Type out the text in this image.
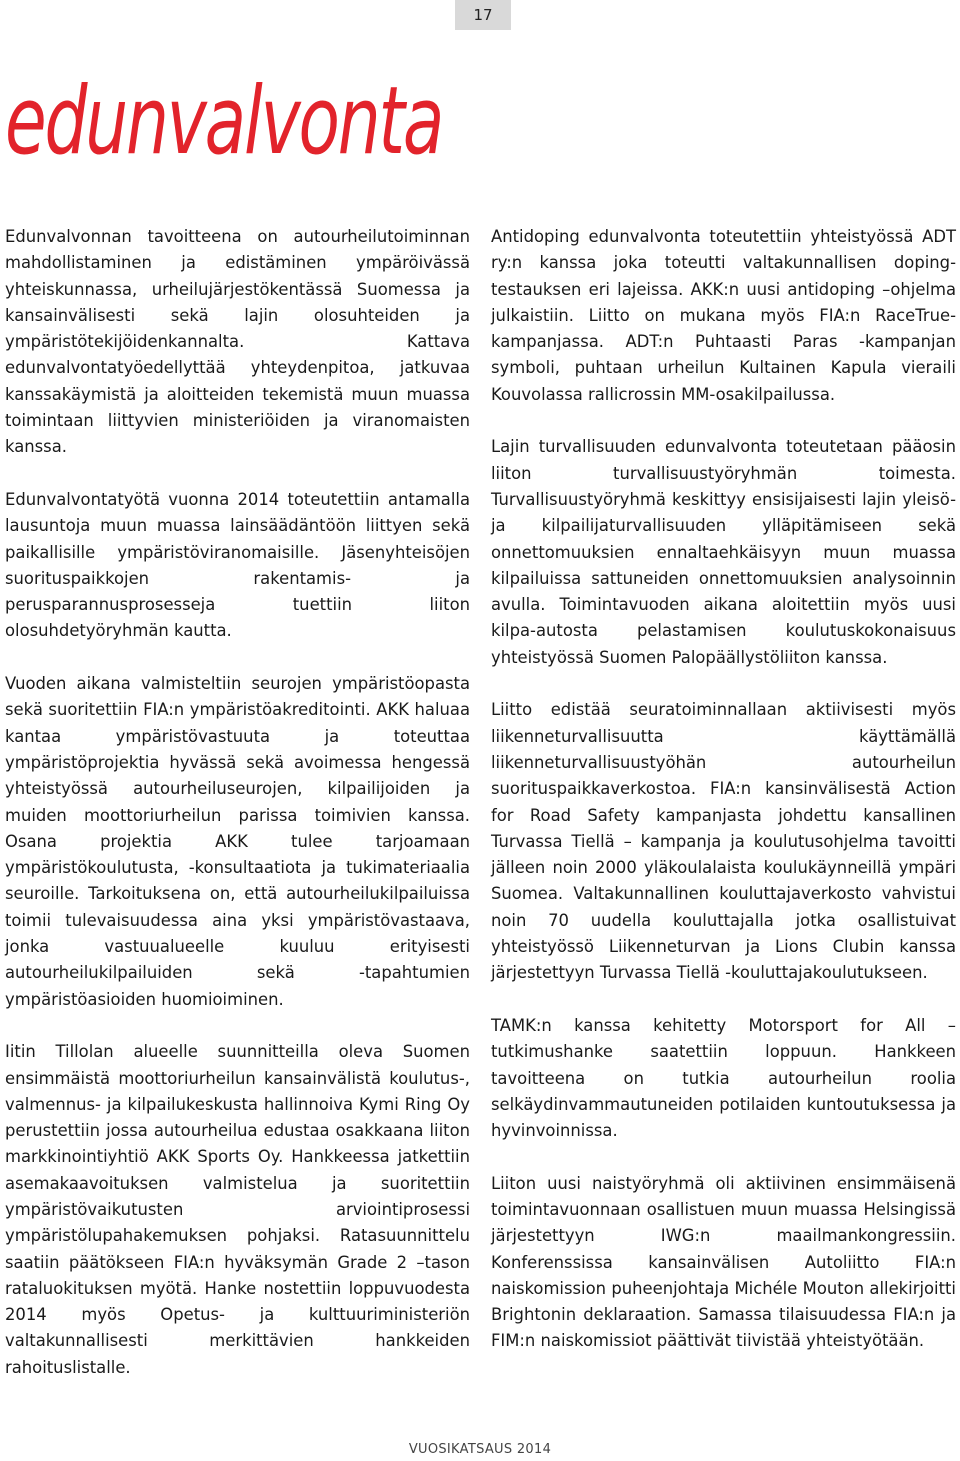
17
edunvalvonta

Edunvalvonnan tavoitteena on autourheilutoiminnan mahdollistaminen ja edistäminen ympäröivässä yhteiskunnassa, urheilujärjestökentässä Suomessa ja kansainvälisesti sekä lajin olosuhteiden ja ympäristötekijöidenkannalta. Kattava edunvalvontatyöedellyttää yhteydenpitoa, jatkuvaa kanssakäymistä ja aloitteiden tekemistä muun muassa toimintaan liittyvien ministeriöiden ja viranomaisten kanssa.

Edunvalvontatyötä vuonna 2014 toteutettiin antamalla lausuntoja muun muassa lainsäädäntöön liittyen sekä paikallisille ympäristöviranomaisille. Jäsenyhteisöjen suorituspaikkojen rakentamis- ja perusparannusprosesseja tuettiin liiton olosuhdetyöryhmän kautta.

Vuoden aikana valmisteltiin seurojen ympäristöopasta sekä suoritettiin FIA:n ympäristöakreditointi. AKK haluaa kantaa ympäristövastuuta ja toteuttaa ympäristöprojektia hyvässä sekä avoimessa hengessä yhteistyössä autourheiluseurojen, kilpailijoiden ja muiden moottoriurheilun parissa toimivien kanssa. Osana projektia AKK tulee tarjoamaan ympäristökoulutusta, -konsultaatiota ja tukimateriaalia seuroille. Tarkoituksena on, että autourheilukilpailuissa toimii tulevaisuudessa aina yksi ympäristövastaava, jonka vastuualueelle kuuluu erityisesti autourheilukilpailuiden sekä -tapahtumien ympäristöasioiden huomioiminen.

Iitin Tillolan alueelle suunnitteilla oleva Suomen ensimmäistä moottoriurheilun kansainvälistä koulutus-, valmennus- ja kilpailukeskusta hallinnoiva Kymi Ring Oy perustettiin jossa autourheilua edustaa osakkaana liiton markkinointiyhtiö AKK Sports Oy. Hankkeessa jatkettiin asemakaavoituksen valmistelua ja suoritettiin ympäristövaikutusten arviointiprosessi ympäristölupahakemuksen pohjaksi. Ratasuunnittelu saatiin päätökseen FIA:n hyväksymän Grade 2 –tason rataluokituksen myötä. Hanke nostettiin loppuvuodesta 2014 myös Opetus- ja kulttuuriministeriön valtakunnallisesti merkittävien hankkeiden rahoituslistalle.

Antidoping edunvalvonta toteutettiin yhteistyössä ADT ry:n kanssa joka toteutti valtakunnallisen doping-testauksen eri lajeissa. AKK:n uusi antidoping –ohjelma julkaistiin. Liitto on mukana myös FIA:n RaceTrue-kampanjassa. ADT:n Puhtaasti Paras -kampanjan symboli, puhtaan urheilun Kultainen Kapula vieraili Kouvolassa rallicrossin MM-osakilpailussa.

Lajin turvallisuuden edunvalvonta toteutetaan pääosin liiton turvallisuustyöryhmän toimesta. Turvallisuustyöryhmä keskittyy ensisijaisesti lajin yleisö- ja kilpailijaturvallisuuden ylläpitämiseen sekä onnettomuuksien ennaltaehkäisyyn muun muassa kilpailuissa sattuneiden onnettomuuksien analysoinnin avulla. Toimintavuoden aikana aloitettiin myös uusi kilpa-autosta pelastamisen koulutuskokonaisuus yhteistyössä Suomen Palopäällystöliiton kanssa.

Liitto edistää seuratoiminnallaan aktiivisesti myös liikenneturvallisuutta käyttämällä liikenneturvallisuustyöhän autourheilun suorituspaikkaverkostoa. FIA:n kansinvälisestä Action for Road Safety kampanjasta johdettu kansallinen Turvassa Tiellä – kampanja ja koulutusohjelma tavoitti jälleen noin 2000 yläkoulalaista koulukäynneillä ympäri Suomea. Valtakunnallinen kouluttajaverkosto vahvistui noin 70 uudella kouluttajalla jotka osallistuivat yhteistyössö Liikenneturvan ja Lions Clubin kanssa järjestettyyn Turvassa Tiellä -kouluttajakoulutukseen.

TAMK:n kanssa kehitetty Motorsport for All – tutkimushanke saatettiin loppuun. Hankkeen tavoitteena on tutkia autourheilun roolia selkäydinvammautuneiden potilaiden kuntoutuksessa ja hyvinvoinnissa.

Liiton uusi naistyöryhmä oli aktiivinen ensimmäisenä toimintavuonnaan osallistuen muun muassa Helsingissä järjestettyyn IWG:n maailmankongressiin. Konferenssissa kansainvälisen Autoliitto FIA:n naiskomission puheenjohtaja Michéle Mouton allekirjoitti Brightonin deklaraation. Samassa tilaisuudessa FIA:n ja FIM:n naiskomissiot päättivät tiivistää yhteistyötään.

VUOSIKATSAUS 2014
